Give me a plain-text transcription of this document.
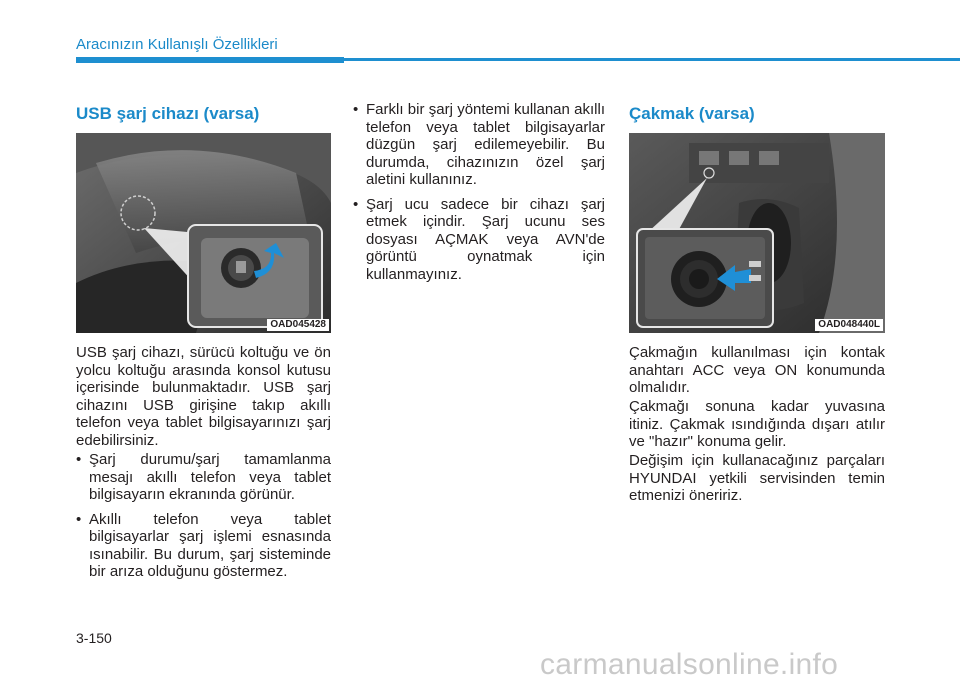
Aracınızın Kullanışlı Özellikleri
USB şarj cihazı (varsa)
OAD045428

USB şarj cihazı, sürücü koltuğu ve ön yolcu koltuğu arasında konsol kutusu içerisinde bulunmaktadır. USB şarj cihazını USB girişine takıp akıllı telefon veya tablet bilgisayarınızı şarj edebilirsiniz.

• Şarj durumu/şarj tamamlanma mesajı akıllı telefon veya tablet bilgisayarın ekranında görünür.
• Akıllı telefon veya tablet bilgisayarlar şarj işlemi esnasında ısınabilir. Bu durum, şarj sisteminde bir arıza olduğunu göstermez.
• Farklı bir şarj yöntemi kullanan akıllı telefon veya tablet bilgisayarlar düzgün şarj edilemeyebilir. Bu durumda, cihazınızın özel şarj aletini kullanınız.
• Şarj ucu sadece bir cihazı şarj etmek içindir. Şarj ucunu ses dosyası AÇMAK veya AVN'de görüntü oynatmak için kullanmayınız.
Çakmak (varsa)
OAD048440L

Çakmağın kullanılması için kontak anahtarı ACC veya ON konumunda olmalıdır.

Çakmağı sonuna kadar yuvasına itiniz. Çakmak ısındığında dışarı atılır ve "hazır" konuma gelir.

Değişim için kullanacağınız parçaları HYUNDAI yetkili servisinden temin etmenizi öneririz.

3-150
carmanualsonline.info
